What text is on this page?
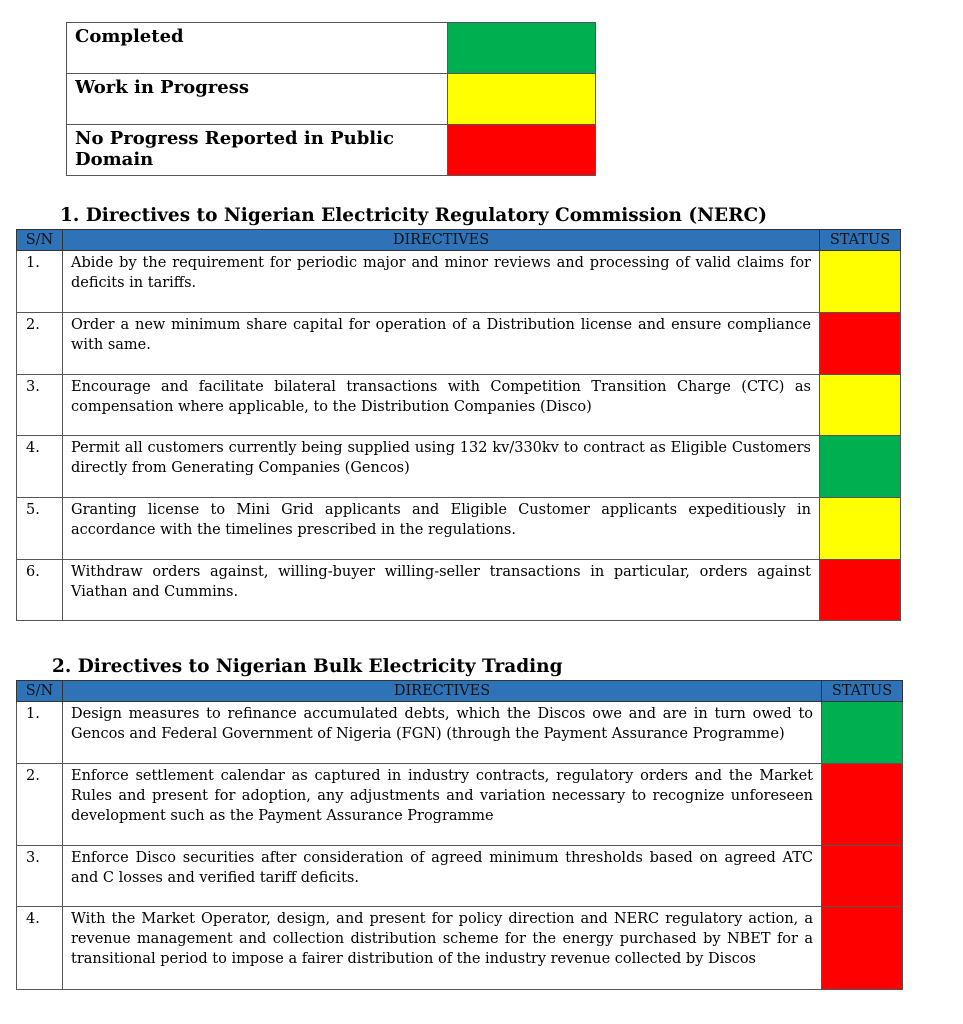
Completed	
Work in Progress	
No Progress Reported in Public Domain	
1. Directives to Nigerian Electricity Regulatory Commission (NERC)
S/N	DIRECTIVES	STATUS
1.	Abide by the requirement for periodic major and minor reviews and processing of valid claims for deficits in tariffs.	
2.	Order a new minimum share capital for operation of a Distribution license and ensure compliance with same.	
3.	Encourage and facilitate bilateral transactions with Competition Transition Charge (CTC) as compensation where applicable, to the Distribution Companies (Disco)	
4.	Permit all customers currently being supplied using 132 kv/330kv to contract as Eligible Customers directly from Generating Companies (Gencos)	
5.	Granting license to Mini Grid applicants and Eligible Customer applicants expeditiously in accordance with the timelines prescribed in the regulations.	
6.	Withdraw orders against, willing-buyer willing-seller transactions in particular, orders against Viathan and Cummins.	
2. Directives to Nigerian Bulk Electricity Trading
S/N	DIRECTIVES	STATUS
1.	Design measures to refinance accumulated debts, which the Discos owe and are in turn owed to Gencos and Federal Government of Nigeria (FGN) (through the Payment Assurance Programme)	
2.	Enforce settlement calendar as captured in industry contracts, regulatory orders and the Market Rules and present for adoption, any adjustments and variation necessary to recognize unforeseen development such as the Payment Assurance Programme	
3.	Enforce Disco securities after consideration of agreed minimum thresholds based on agreed ATC and C losses and verified tariff deficits.	
4.	With the Market Operator, design, and present for policy direction and NERC regulatory action, a revenue management and collection distribution scheme for the energy purchased by NBET for a transitional period to impose a fairer distribution of the industry revenue collected by Discos	
